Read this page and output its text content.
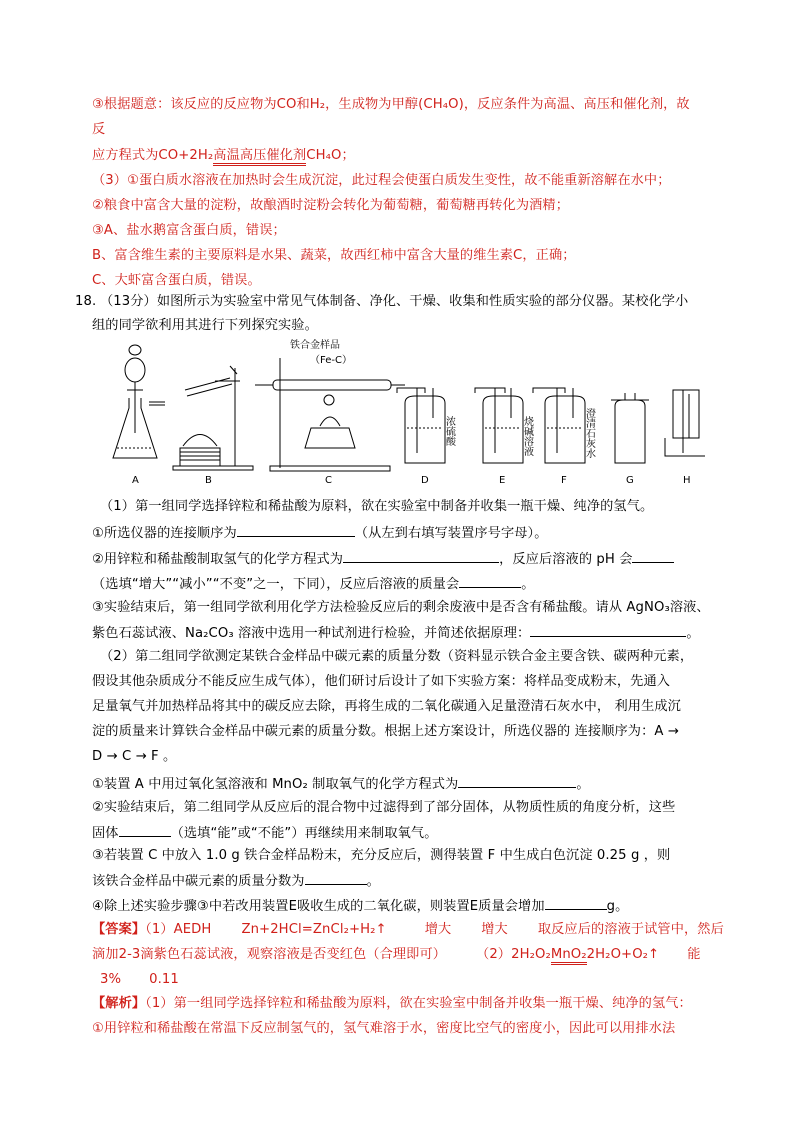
③根据题意：该反应的反应物为CO和H₂，生成物为甲醇(CH₄O)，反应条件为高温、高压和催化剂，故
反
应方程式为CO+2H₂高温高压催化剂CH₄O；
（3）①蛋白质水溶液在加热时会生成沉淀，此过程会使蛋白质发生变性，故不能重新溶解在水中；
②粮食中富含大量的淀粉，故酿酒时淀粉会转化为葡萄糖，葡萄糖再转化为酒精；
③A、盐水鹅富含蛋白质，错误；
B、富含维生素的主要原料是水果、蔬菜，故西红柿中富含大量的维生素C，正确；
C、大虾富含蛋白质，错误。
18. （13分）如图所示为实验室中常见气体制备、净化、干燥、收集和性质实验的部分仪器。某校化学小
组的同学欲利用其进行下列探究实验。
铁合金样品
（Fe-C）
浓硫酸	烧碱溶液	澄清石灰水
A	B	C	D	E	F	G	H
（1）第一组同学选择锌粒和稀盐酸为原料，欲在实验室中制备并收集一瓶干燥、纯净的氢气。
①所选仪器的连接顺序为	（从左到右填写装置序号字母）。
②用锌粒和稀盐酸制取氢气的化学方程式为	，反应后溶液的 pH 会
（选填“增大”“减小”“不变”之一，下同），反应后溶液的质量会	。
③实验结束后，第一组同学欲利用化学方法检验反应后的剩余废液中是否含有稀盐酸。请从 AgNO₃溶液、
紫色石蕊试液、Na₂CO₃ 溶液中选用一种试剂进行检验，并简述依据原理：	。
（2）第二组同学欲测定某铁合金样品中碳元素的质量分数（资料显示铁合金主要含铁、碳两种元素，
假设其他杂质成分不能反应生成气体），他们研讨后设计了如下实验方案：将样品变成粉末，先通入
足量氧气并加热样品将其中的碳反应去除，再将生成的二氧化碳通入足量澄清石灰水中， 利用生成沉
淀的质量来计算铁合金样品中碳元素的质量分数。根据上述方案设计，所选仪器的 连接顺序为：A →
D → C → F 。
①装置 A 中用过氧化氢溶液和 MnO₂ 制取氧气的化学方程式为	。
②实验结束后，第二组同学从反应后的混合物中过滤得到了部分固体，从物质性质的角度分析，这些
固体	（选填“能”或“不能”）再继续用来制取氧气。
③若装置 C 中放入 1.0 g 铁合金样品粉末，充分反应后，测得装置 F 中生成白色沉淀 0.25 g ，则
该铁合金样品中碳元素的质量分数为	。
④除上述实验步骤③中若改用装置E吸收生成的二氧化碳，则装置E质量会增加	g。
【答案】（1）AEDH Zn+2HCl=ZnCl₂+H₂↑	增大 增大 取反应后的溶液于试管中，然后
滴加2-3滴紫色石蕊试液，观察溶液是否变红色（合理即可） （2）2H₂O₂MnO₂2H₂O+O₂↑ 能
3% 0.11
【解析】（1）第一组同学选择锌粒和稀盐酸为原料，欲在实验室中制备并收集一瓶干燥、纯净的氢气：
①用锌粒和稀盐酸在常温下反应制氢气的，氢气难溶于水，密度比空气的密度小，因此可以用排水法
